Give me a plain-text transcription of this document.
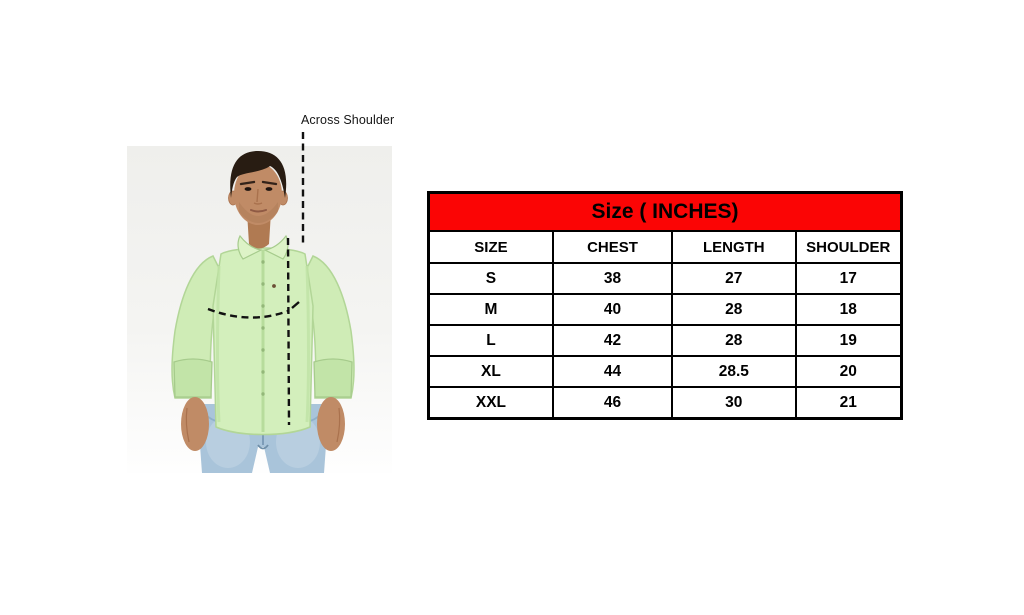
Across Shoulder
Size ( INCHES)			
SIZE	CHEST	LENGTH	SHOULDER
S	38	27	17
M	40	28	18
L	42	28	19
XL	44	28.5	20
XXL	46	30	21
